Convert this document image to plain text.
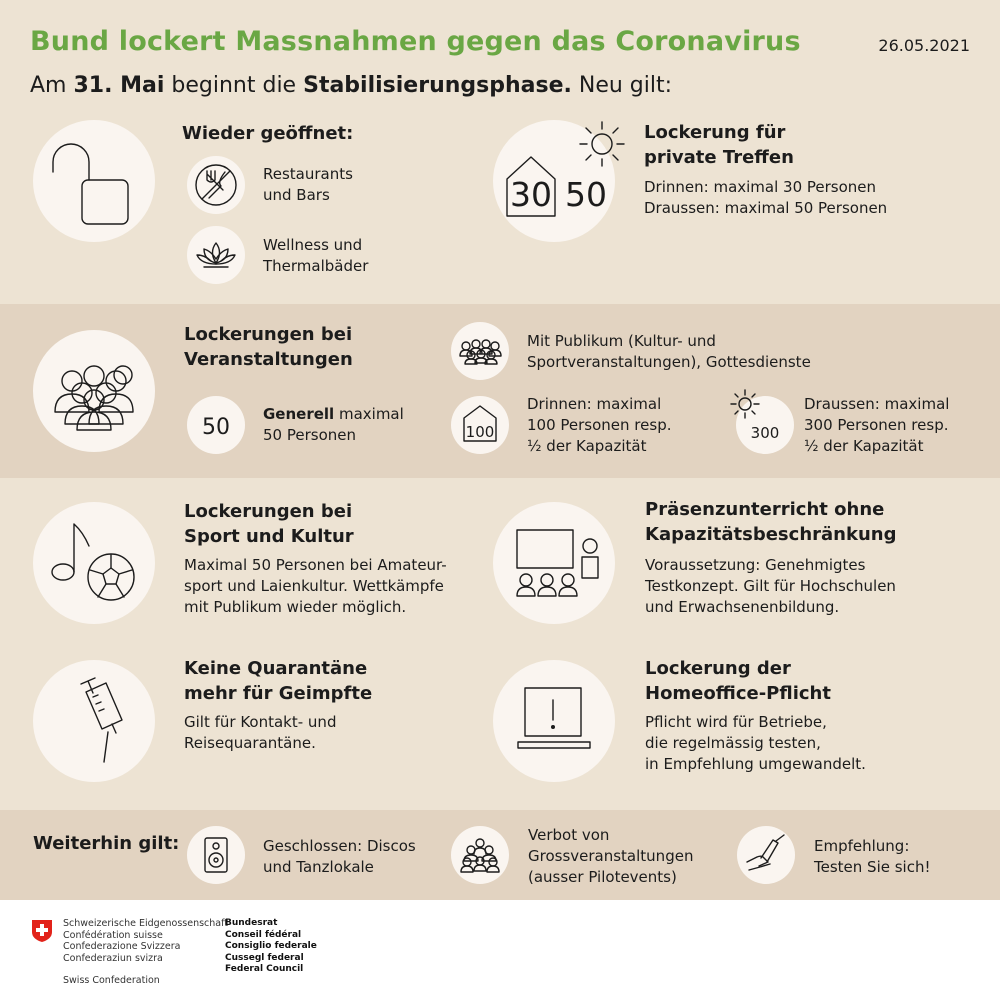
Bund lockert Massnahmen gegen das Coronavirus	26.05.2021
Am 31. Mai beginnt die Stabilisierungsphase. Neu gilt:
Wieder geöffnet:
Restaurants
und Bars
Wellness und
Thermalbäder
30 50
Lockerung für
private Treffen
Drinnen: maximal 30 Personen
Draussen: maximal 50 Personen
Lockerungen bei
Veranstaltungen
50
Generell maximal
50 Personen
Mit Publikum (Kultur- und
Sportveranstaltungen), Gottesdienste
100
Drinnen: maximal
100 Personen resp.
½ der Kapazität
300
Draussen: maximal
300 Personen resp.
½ der Kapazität
Lockerungen bei
Sport und Kultur
Maximal 50 Personen bei Amateur-
sport und Laienkultur. Wettkämpfe
mit Publikum wieder möglich.
Präsenzunterricht ohne
Kapazitätsbeschränkung
Voraussetzung: Genehmigtes
Testkonzept. Gilt für Hochschulen
und Erwachsenenbildung.
Keine Quarantäne
mehr für Geimpfte
Gilt für Kontakt- und
Reisequarantäne.
Lockerung der
Homeoffice-Pflicht
Pflicht wird für Betriebe,
die regelmässig testen,
in Empfehlung umgewandelt.
Weiterhin gilt:	Geschlossen: Discos
und Tanzlokale
Verbot von
Grossveranstaltungen
(ausser Pilotevents)
Empfehlung:
Testen Sie sich!
Schweizerische Eidgenossenschaft
Confédération suisse
Confederazione Svizzera
Confederaziun svizra
Swiss Confederation
Bundesrat
Conseil fédéral
Consiglio federale
Cussegl federal
Federal Council
